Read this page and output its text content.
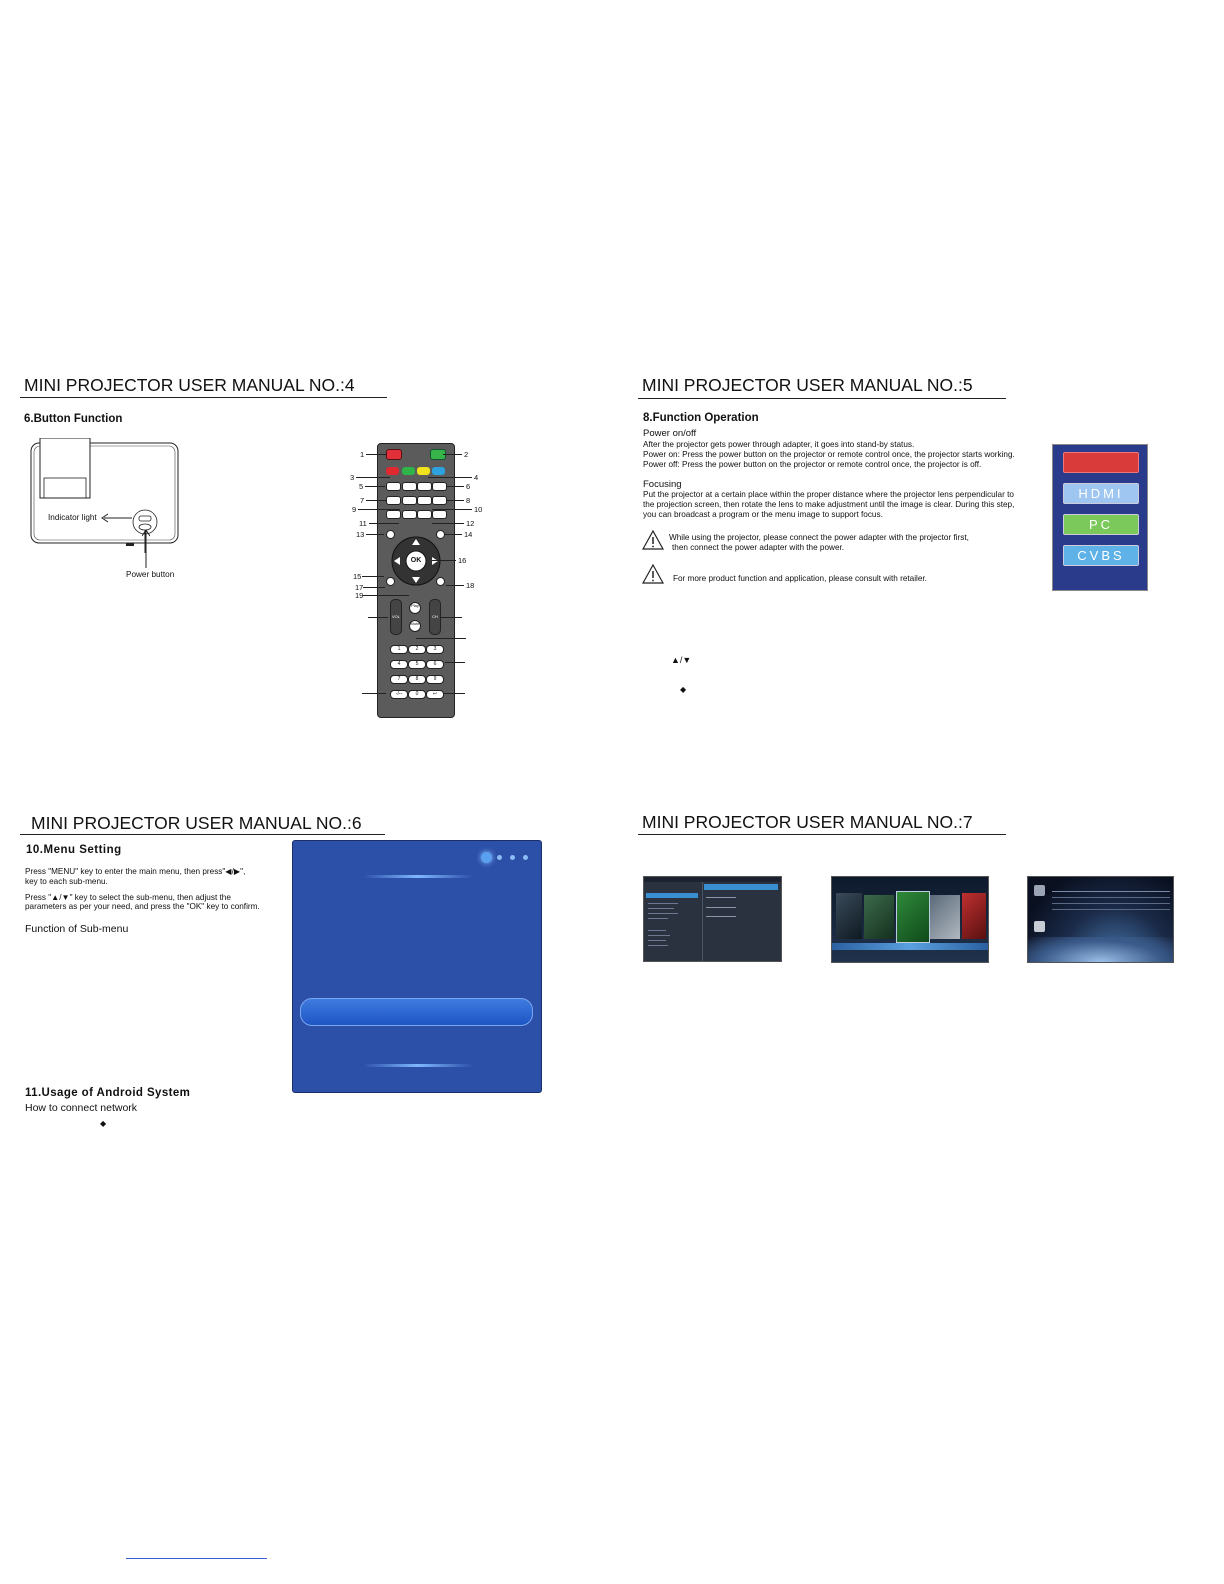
MINI PROJECTOR USER MANUAL NO.:4
6.Button Function
Indicator light
Power button
OK
VOL	CH
Play
Mute
1	2	3
4	5	6
7	8	9
-/--	0	↩
1	2
3	4
5	6
7	8
9	10
11	12
13	14
16
15
17	18
19
MINI PROJECTOR USER MANUAL NO.:5
8.Function Operation
Power on/off
After the projector gets power through adapter, it goes into stand-by status.
Power on: Press the power button on the projector or remote control once, the projector starts working.
Power off: Press the power button on the projector or remote control once, the projector is off.
Focusing
Put the projector at a certain place within the proper distance where the projector lens perpendicular to
the projection screen, then rotate the lens to make adjustment until the image is clear. During this step,
you can broadcast a program or the menu image to support focus.
While using the projector, please connect the power adapter with the projector first,
then connect the power adapter with the power.
For more product function and application, please consult with retailer.
▲/▼
◆
HDMI
PC
CVBS
MINI PROJECTOR USER MANUAL NO.:6
10.Menu Setting
Press "MENU" key to enter the main menu, then press"◀/▶",
key to each sub-menu.
Press "▲/▼" key to select the sub-menu, then adjust the
parameters as per your need, and press the "OK" key to confirm.
Function of Sub-menu
11.Usage of Android System
How to connect network
◆
MINI PROJECTOR USER MANUAL NO.:7
